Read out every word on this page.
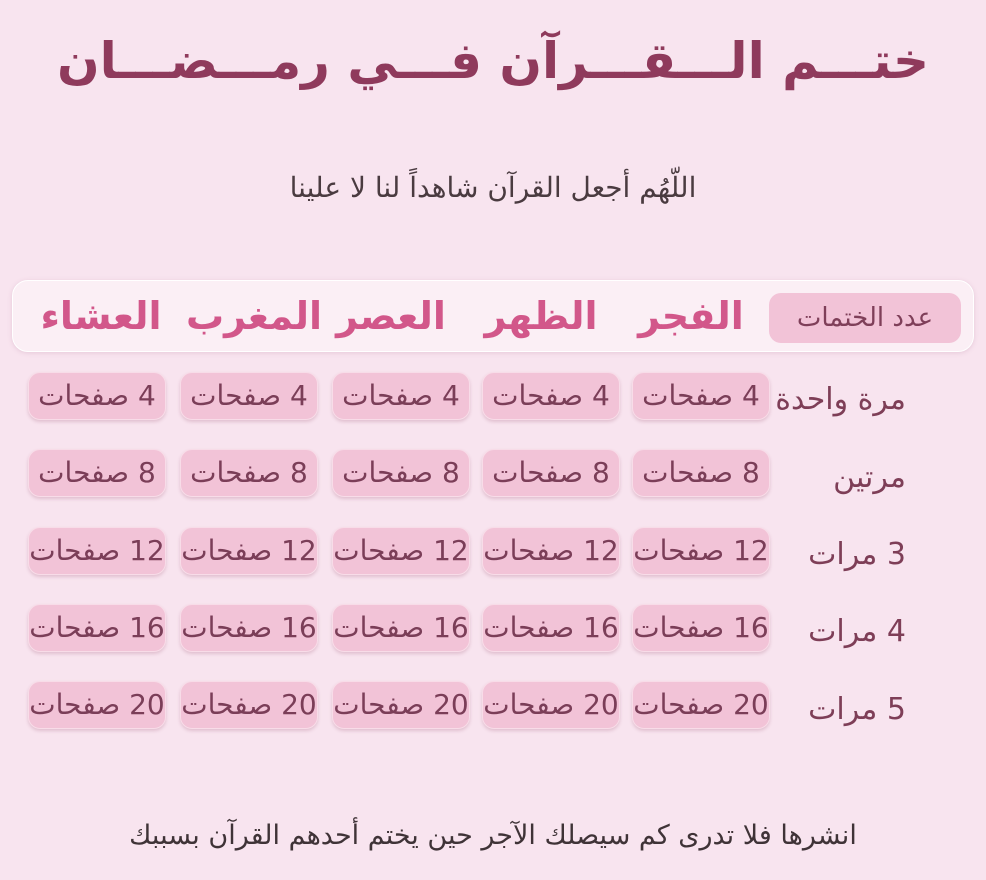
ختـــم الـــقـــرآن فـــي رمـــضـــان
اللّهُم أجعل القرآن شاهداً لنا لا علينا
الفجر
الظهر
العصر
المغرب
العشاء	عدد الختمات
مرة واحدة
4 صفحات
4 صفحات
4 صفحات
4 صفحات
4 صفحات
مرتين
8 صفحات
8 صفحات
8 صفحات
8 صفحات
8 صفحات
3 مرات
12 صفحات
12 صفحات
12 صفحات
12 صفحات
12 صفحات
4 مرات
16 صفحات
16 صفحات
16 صفحات
16 صفحات
16 صفحات
5 مرات
20 صفحات
20 صفحات
20 صفحات
20 صفحات
20 صفحات
انشرها فلا تدرى كم سيصلك الآجر حين يختم أحدهم القرآن بسببك
